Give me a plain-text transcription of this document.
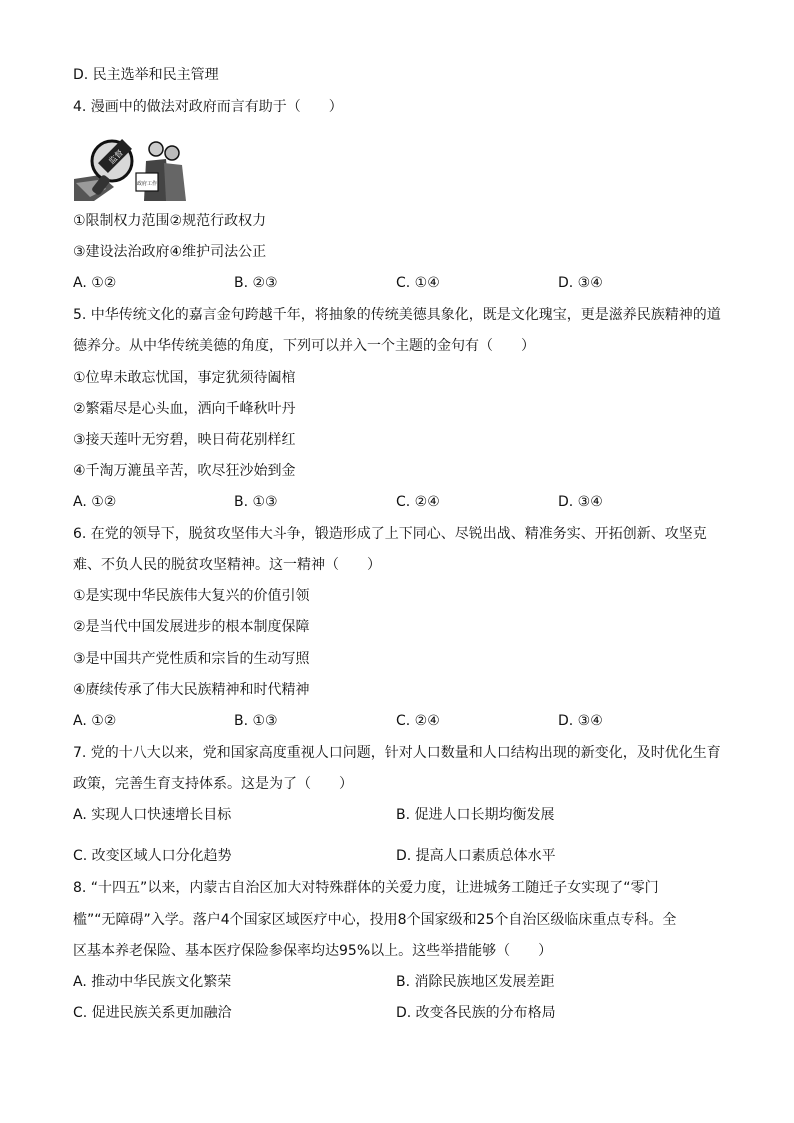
D. 民主选举和民主管理
4. 漫画中的做法对政府而言有助于（　　）
监督
政府工作
①限制权力范围②规范行政权力
③建设法治政府④维护司法公正
A. ①②	B. ②③	C. ①④	D. ③④
5. 中华传统文化的嘉言金句跨越千年，将抽象的传统美德具象化，既是文化瑰宝，更是滋养民族精神的道
德养分。从中华传统美德的角度，下列可以并入一个主题的金句有（　　）
①位卑未敢忘忧国，事定犹须待阖棺
②繁霜尽是心头血，洒向千峰秋叶丹
③接天莲叶无穷碧，映日荷花别样红
④千淘万漉虽辛苦，吹尽狂沙始到金
A. ①②	B. ①③	C. ②④	D. ③④
6. 在党的领导下，脱贫攻坚伟大斗争，锻造形成了上下同心、尽锐出战、精准务实、开拓创新、攻坚克
难、不负人民的脱贫攻坚精神。这一精神（　　）
①是实现中华民族伟大复兴的价值引领
②是当代中国发展进步的根本制度保障
③是中国共产党性质和宗旨的生动写照
④赓续传承了伟大民族精神和时代精神
A. ①②	B. ①③	C. ②④	D. ③④
7. 党的十八大以来，党和国家高度重视人口问题，针对人口数量和人口结构出现的新变化，及时优化生育
政策，完善生育支持体系。这是为了（　　）
A. 实现人口快速增长目标	B. 促进人口长期均衡发展
C. 改变区域人口分化趋势	D. 提高人口素质总体水平
8. “十四五”以来，内蒙古自治区加大对特殊群体的关爱力度，让进城务工随迁子女实现了“零门
槛”“无障碍”入学。落户4个国家区域医疗中心，投用8个国家级和25个自治区级临床重点专科。全
区基本养老保险、基本医疗保险参保率均达95%以上。这些举措能够（　　）
A. 推动中华民族文化繁荣	B. 消除民族地区发展差距
C. 促进民族关系更加融洽	D. 改变各民族的分布格局
